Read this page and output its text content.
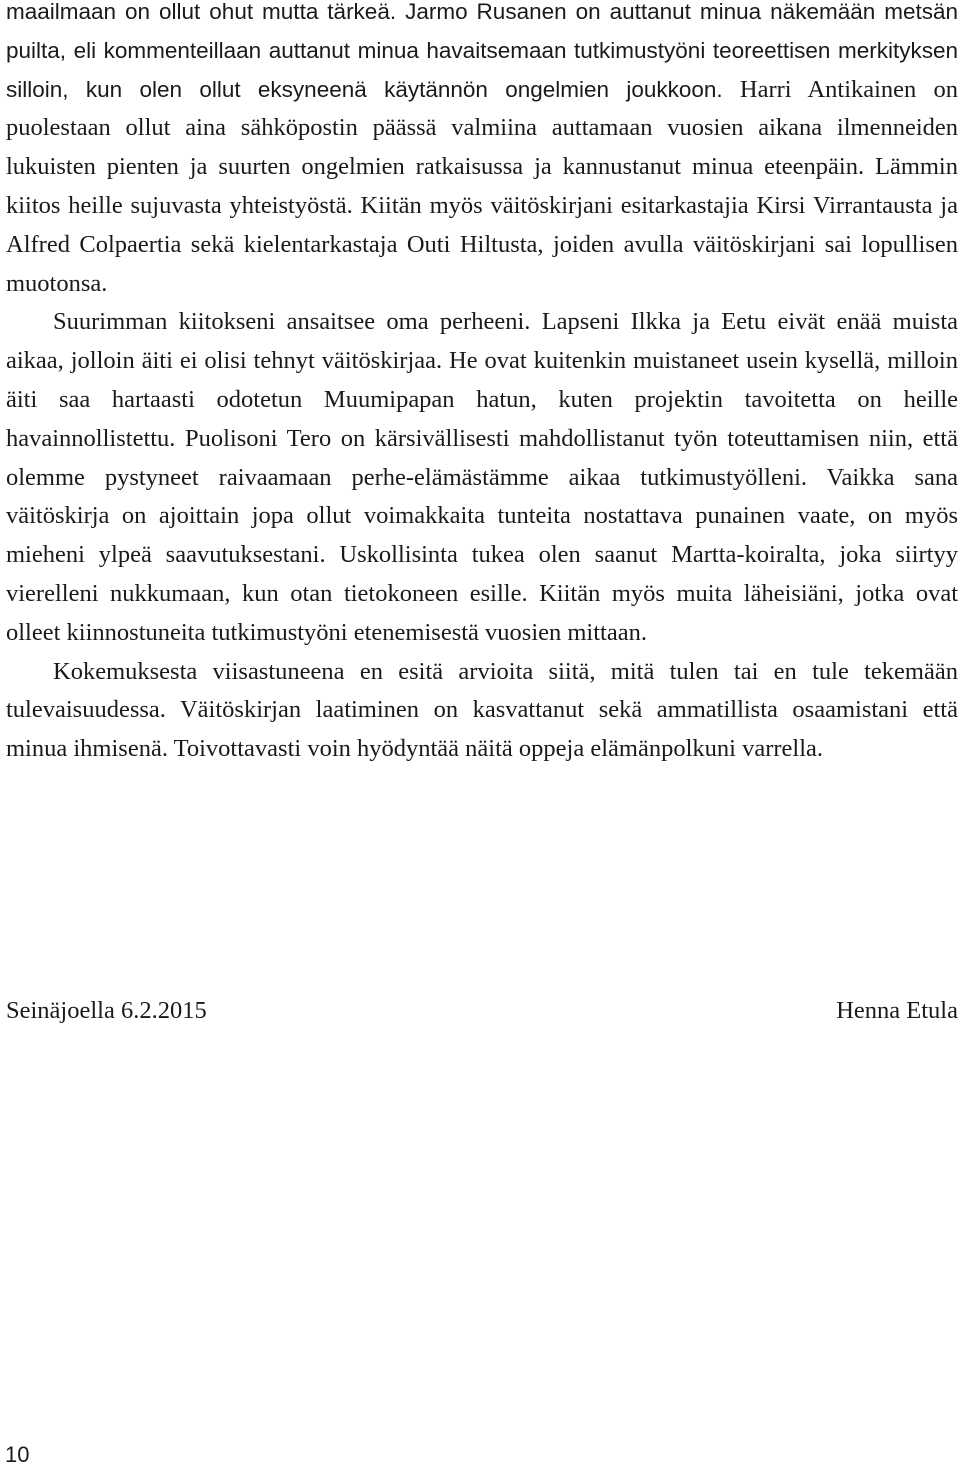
maailmaan on ollut ohut mutta tärkeä. Jarmo Rusanen on auttanut minua näkemään metsän puilta, eli kommenteillaan auttanut minua havaitsemaan tutkimustyöni teoreettisen merkityksen silloin, kun olen ollut eksyneenä käytännön ongelmien joukkoon. Harri Antikainen on puolestaan ollut aina sähköpostin päässä valmiina auttamaan vuosien aikana ilmenneiden lukuisten pienten ja suurten ongelmien ratkaisussa ja kannustanut minua eteenpäin. Lämmin kiitos heille sujuvasta yhteistyöstä. Kiitän myös väitöskirjani esitarkastajia Kirsi Virrantausta ja Alfred Colpaertia sekä kielentarkastaja Outi Hiltusta, joiden avulla väitöskirjani sai lopullisen muotonsa.

Suurimman kiitokseni ansaitsee oma perheeni. Lapseni Ilkka ja Eetu eivät enää muista aikaa, jolloin äiti ei olisi tehnyt väitöskirjaa. He ovat kuitenkin muistaneet usein kysellä, milloin äiti saa hartaasti odotetun Muumipapan hatun, kuten projektin tavoitetta on heille havainnollistettu. Puolisoni Tero on kärsivällisesti mahdollistanut työn toteuttamisen niin, että olemme pystyneet raivaamaan perhe-elämästämme aikaa tutkimustyölleni. Vaikka sana väitöskirja on ajoittain jopa ollut voimakkaita tunteita nostattava punainen vaate, on myös mieheni ylpeä saavutuksestani. Uskollisinta tukea olen saanut Martta-koiralta, joka siirtyy vierelleni nukkumaan, kun otan tietokoneen esille. Kiitän myös muita läheisiäni, jotka ovat olleet kiinnostuneita tutkimustyöni etenemisestä vuosien mittaan.

Kokemuksesta viisastuneena en esitä arvioita siitä, mitä tulen tai en tule tekemään tulevaisuudessa. Väitöskirjan laatiminen on kasvattanut sekä ammatillista osaamistani että minua ihmisenä. Toivottavasti voin hyödyntää näitä oppeja elämänpolkuni varrella.

Seinäjoella 6.2.2015	Henna Etula
10
